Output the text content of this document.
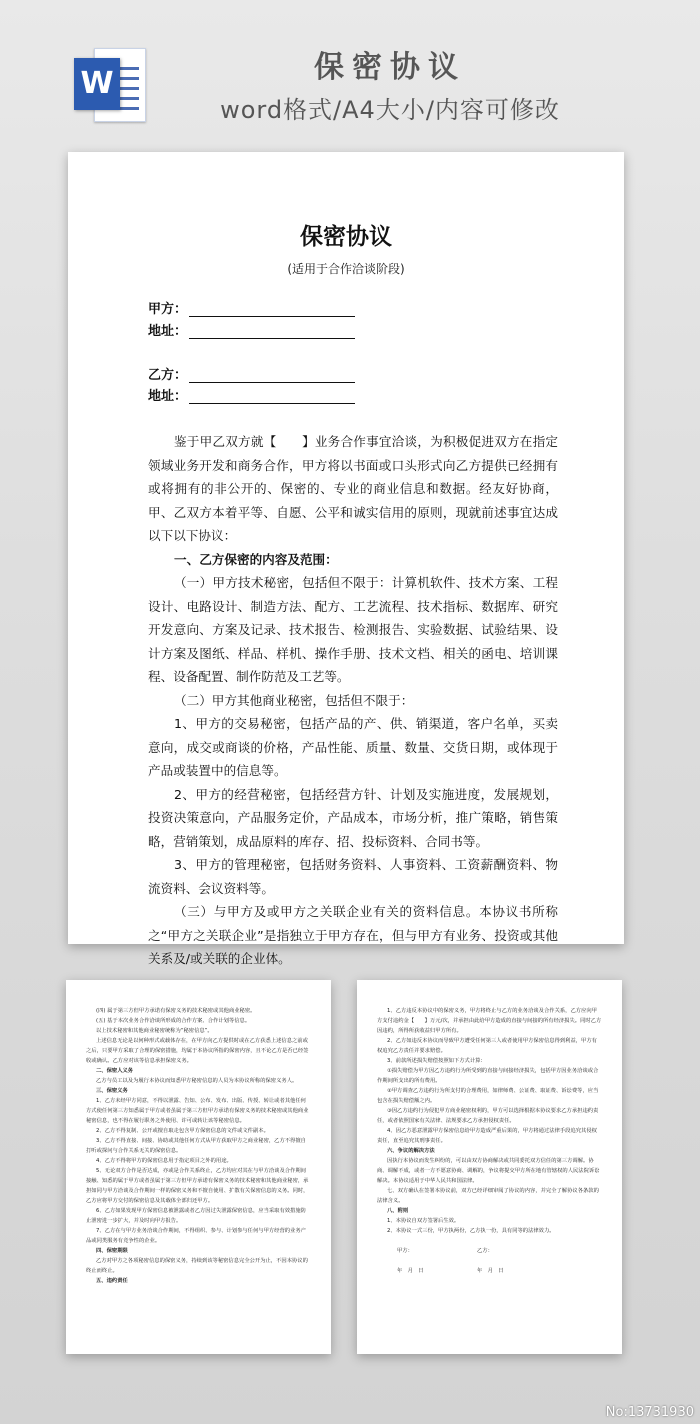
W	保密协议
word格式/A4大小/内容可修改
保密协议
(适用于合作洽谈阶段)
甲方：
地址：
乙方：
地址：

鉴于甲乙双方就【　　】业务合作事宜洽谈，为积极促进双方在指定领域业务开发和商务合作，甲方将以书面或口头形式向乙方提供已经拥有或将拥有的非公开的、保密的、专业的商业信息和数据。经友好协商，甲、乙双方本着平等、自愿、公平和诚实信用的原则，现就前述事宜达成以下以下协议：

一、乙方保密的内容及范围：

（一）甲方技术秘密，包括但不限于：计算机软件、技术方案、工程设计、电路设计、制造方法、配方、工艺流程、技术指标、数据库、研究开发意向、方案及记录、技术报告、检测报告、实验数据、试验结果、设计方案及图纸、样品、样机、操作手册、技术文档、相关的函电、培训课程、设备配置、制作防范及工艺等。

（二）甲方其他商业秘密，包括但不限于：

1、甲方的交易秘密，包括产品的产、供、销渠道，客户名单，买卖意向，成交或商谈的价格，产品性能、质量、数量、交货日期，或体现于产品或装置中的信息等。

2、甲方的经营秘密，包括经营方针、计划及实施进度，发展规划，投资决策意向，产品服务定价，产品成本，市场分析，推广策略，销售策略，营销策划，成品原料的库存、招、投标资料、合同书等。

3、甲方的管理秘密，包括财务资料、人事资料、工资薪酬资料、物流资料、会议资料等。

（三）与甲方及或甲方之关联企业有关的资料信息。本协议书所称之“甲方之关联企业”是指独立于甲方存在，但与甲方有业务、投资或其他关系及/或关联的企业体。

(四) 属于第三方但甲方承诺有保密义务的技术秘密或其他商业秘密。

(五) 基于本次业务合作洽谈所形成的合作方案、合作计划等信息。

以上技术秘密和其他商业秘密统称为“秘密信息”。

上述信息无论是以何种形式或载体存在，在甲方向乙方提供时或在乙方获悉上述信息之前或之后，只要甲方采取了合理的保密措施，均属于本协议所指的保密内容，且不论乙方是否已经签收或确认。乙方应对该等信息承担保密义务。

二、保密人义务

乙方与员工以及为履行本协议而知悉甲方秘密信息的人员为本协议所称的保密义务人。

三、保密义务

1、乙方未经甲方同意，不得以泄露、告知、公布、发布、出版、传授、转让或者其他任何方式使任何第三方知悉属于甲方或者虽属于第三方但甲方承诺有保密义务的技术秘密或其他商业秘密信息，也不得在履行职务之外使用、许可或转让该等秘密信息。

2、乙方不得复制、公开或擅自取走包含甲方保密信息的文件或文件副本。

3、乙方不得直接、间接、协助或其他任何方式从甲方获取甲方之商业秘密，乙方不得擅自打听或探问与合作关系无关的保密信息。

4、乙方不得将甲方的保密信息用于指定项目之外的用途。

5、无论双方合作是否达成，亦或是合作关系终止，乙方均应对其在与甲方洽谈及合作期间接触、知悉的属于甲方或者虽属于第三方但甲方承诺有保密义务的技术秘密和其他商业秘密，承担如同与甲方洽谈及合作期间一样的保密义务和不擅自使用、扩散有关保密信息的义务。同时，乙方应将甲方交付的保密信息及其载体全部归还甲方。

6、乙方如果发现甲方保密信息被泄露或者乙方因过失泄露保密信息，应当采取有效措施防止泄密进一步扩大，并及时向甲方报告。

7、乙方在与甲方业务洽谈合作期间，不得组织、参与、计划参与任何与甲方经营的业务产品或同类服务有竞争性的企业。

四、保密期限

乙方对甲方之各项秘密信息的保密义务，持续到该等秘密信息完全公开为止，不因本协议的终止而终止。

五、违约责任

1、乙方违反本协议中的保密义务，甲方将终止与乙方的业务洽谈及合作关系，乙方应向甲方支付违约金【　　】万元/次，并承担由此给甲方造成的直接与间接的所有经济损失。同时乙方因违约，所得所获收益归甲方所有。

2、乙方如违反本协议而导致甲方遭受任何第三人或者使用甲方保密信息得到利益，甲方有权追究乙方责任并要求赔偿。

3、前款所述损失赔偿按照如下方式计算：

①损失赔偿为甲方因乙方违约行为所受到的直接与间接经济损失，包括甲方因业务洽谈或合作期间所支出的所有费用。

②甲方调查乙方违约行为所支付的合理费用，如律师费、公证费、取证费、诉讼费等，应当包含在损失赔偿额之内。

③因乙方违约行为侵犯甲方商业秘密权利的，甲方可以选择根据本协议要求乙方承担违约责任，或者依照国家有关法律、法规要求乙方承担侵权责任。

4、因乙方恶意泄露甲方保密信息给甲方造成严重后果的，甲方将通过法律手段追究其侵权责任，直至追究其刑事责任。

六、争议的解决方法

因执行本协议而发生纠纷的，可以由双方协商解决或共同委托双方信任的第三方调解。协商、调解不成，或者一方不愿意协商、调解的，争议将提交甲方所在地有管辖权的人民法院诉讼解决。本协议适用于中华人民共和国法律。

七、双方确认在签署本协议前，双方已经详细审阅了协议的内容，并完全了解协议各条款的法律含义。

八、附则

1、本协议自双方签署后生效。

2、本协议一式三份，甲方执两份，乙方执一份，具有同等的法律效力。

甲方：	乙方：

年　月　日	年　月　日

No:13731930
